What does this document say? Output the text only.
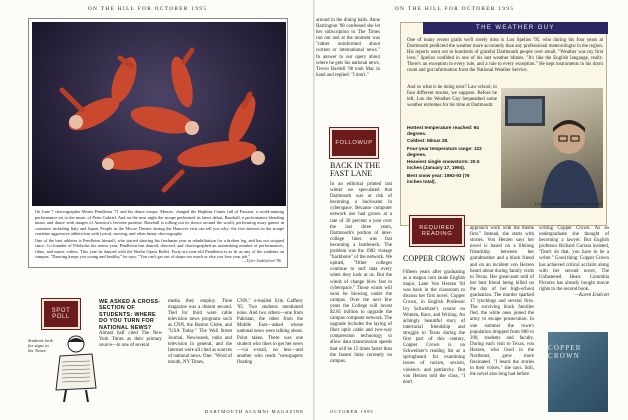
ON THE HILL FOR OCTOBER 1995	ON THE HILL FOR OCTOBER 1995

On June 7 choreographer Moses Pendleton '71 and his dance troupe, Momix, charged the Hopkins Center full of Passion, a world-naming performance set to the music of Peter Gabriel. And on the next night the troupe performed its latest debut, Baseball, a performance blending music and dance with images of America's favorite pastime. Baseball is rolling out its shows around the world, performing away games in countries including Italy and Japan. People in the Moore Theater during the Hanover visit can tell you why: the five dancers in the troupe combine aggressive athleticism with lyrical, moving, and often funny choreography.

One of the best athletes is Pendleton himself, who started dancing his freshman year in rehabilitation for a broken leg, and has not stopped since. Co-founder of Pilobolus his senior year, Pendleton has danced, directed, and choreographed an astonishing number of performances, films, and music videos. This year he danced with the Berlin Opera Ballet. Forty-six-year-old Pendleton is as fit as any of the students on campus. "Dancing keeps you young and healthy," he says. "You can't get out of shape too much or else you lose your job."

—Tyler Stableford '96
around in the dining halls. Anne Harrington '98 confessed she let her subscription to The Times run out and at the moment was "rather uninformed about current or international news." In answer to our query about where he gets his national news, Trevor Bardell '98 took Mac in hand and replied: "I don't."
FOLLOWUP
BACK IN THE FAST LANE
In an editorial printed last winter we speculated that Dartmouth was at risk of becoming a backwater in cyberspace. Because computer network use had grown at a rate of 30 percent a year over the last three years, Dartmouth's portion of inter-college lines was fast becoming a bottleneck. The problem was the 1982 vintage "backbone" of the network. We opined, "Other colleges continue to surf data every when they look at us. But the winds of change blow fast in cyberspace." Those winds will soon be blowing under the campus. Over the next few years the College will invest $2.85 million to upgrade the campus computer network. The upgrade includes the laying of fiber optic cable and two-way compression technology to allow data transmission speeds that will be 15 times faster than the fastest links currently on campus.
SPOT
POLL
Students look for signs in the Times.
WE ASKED A CROSS-SECTION OF STUDENTS: WHERE DO YOU TURN FOR NATIONAL NEWS?
Almost half cited The New York Times as their primary source—in one of several
media they employ. Time magazine was a distant second. Tied for third were cable television news programs such as CNN, the Boston Globe, and "USA Today." The Wall Street Journal, Newsweek, radio and television in general, and the Internet were all cited as sources of national news. One: "Word of mouth, NY Times,
CNN," e-mailed Erin Gaffney '95. Two students mentioned none. And two others—one from Pakistan, the other from the Middle East—asked whose national news were talking about. Point taken. There was one student who likes to get her news—via e-mail, no less—and another who reads "newspapers floating
THE WEATHER GUY
One of many recent grads we'll sorely miss is Lou Spelios '95, who during his four years at Dartmouth predicted the weather more accurately than any professional meteorologist in the region. His reports went out to hundreds of grateful Dartmouth people over email. "Weather was my first love," Spelios confided in one of his last weather blitzes. "It's like the English language, really. There's an exception to every rule, and a rule to every exception." He kept instruments in his dorm room and got information from the National Weather Service.
And so what is he doing next? Law school, to face different storms, we suppose. Before he left, Lou the Weather Guy bequeathed some weather extremes for his time at Dartmouth:
Hottest temperature reached: 94 degrees.
Coldest: Minus 28.
Four-year temperature range: 122 degrees.
Heaviest single snowstorm: 20.5 inches (January 17, 1994).
Best snow year: 1992-93 (76 inches total).
Lou's forecasts were pretty darn fine.
REQUIRED
READING
COPPER CROWN
Fifteen years after graduating as a magna cum laude English major, Lane Von Herzen '84 was back in the classroom to discuss her first novel, Copper Crown, in English Professor Ivy Schweitzer's course on Women, Race, and Writing. An achingly beautiful story of interracial friendship and struggle in Texas during the first part of this century, Copper Crown is on Schweitzer's reading list as a springboard for examining issues of racism, sexism, violence, and patriarchy. But von Herzen told the class, "I don't
approach work with the theme first." Instead, she starts with stories. Von Herzen says her novel is based on a lifelong friendship between her grandmother and a black friend and on an incident von Herzen heard about during family visits to Texas. Her great-aunt told of her best friend being killed on the day of her high-school graduation. The murder sparked 17 lynchings and several fires. The surviving black families fled, the white ones joined the army to escape prosecution. In one summer the town's population dropped from 800 to 200, students and faculty. During each visit to Texas, von Herzen, who lived in the Northeast, grew more fascinated. "I heard the stories in their voices," she says. Still, the novel also long had before
writing Copper Crown. As an undergraduate she thought of becoming a lawyer. But English professor Richard Corrata insisted, "Don't do that, you have to be a writer." Good thing: Copper Crown has achieved critical acclaim along with her second novel, The Unfastened Heart. Columbia Pictures has already bought movie rights to the second book.
—Karen Endicott
COPPER CROWN
DARTMOUTH ALUMNI MAGAZINE	OCTOBER 1995
